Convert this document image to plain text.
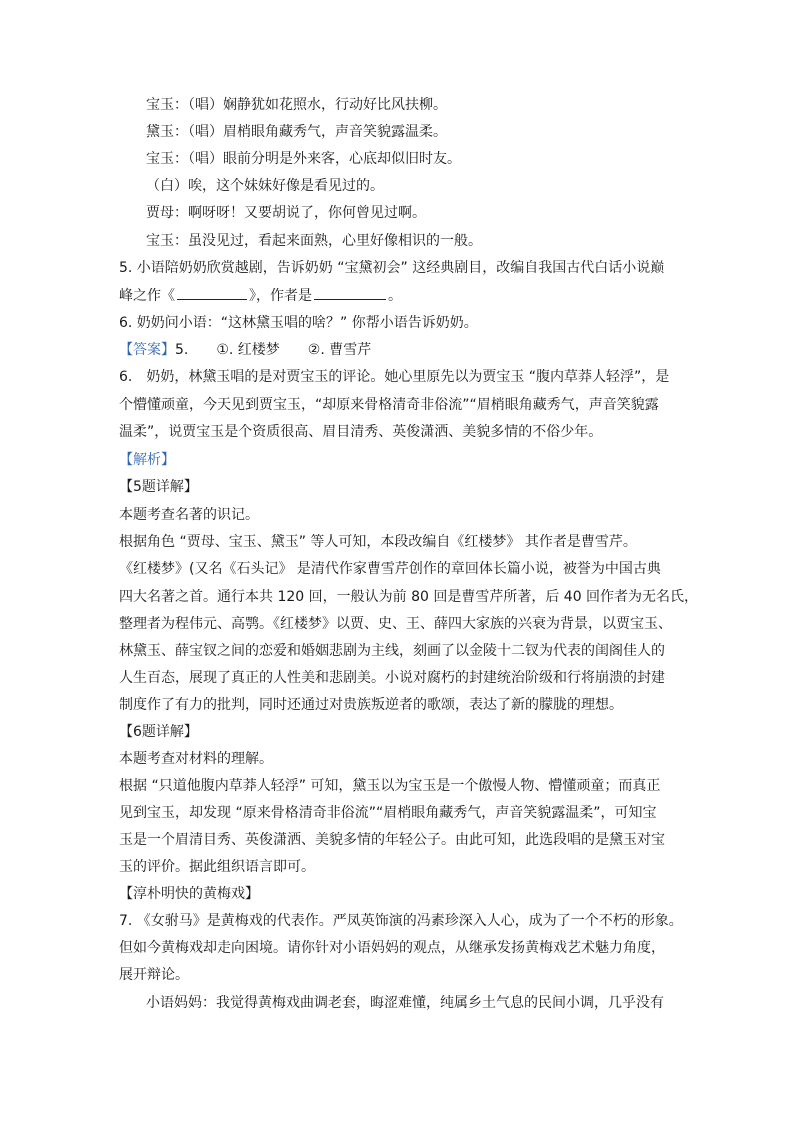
宝玉：（唱）娴静犹如花照水，行动好比风扶柳。
黛玉：（唱）眉梢眼角藏秀气，声音笑貌露温柔。
宝玉：（唱）眼前分明是外来客，心底却似旧时友。
（白）唉，这个妹妹好像是看见过的。
贾母：啊呀呀！又要胡说了，你何曾见过啊。
宝玉：虽没见过，看起来面熟，心里好像相识的一般。
5. 小语陪奶奶欣赏越剧，告诉奶奶 “宝黛初会” 这经典剧目，改编自我国古代白话小说巅
峰之作《	》，作者是	。
6. 奶奶问小语：“这林黛玉唱的啥？” 你帮小语告诉奶奶。
【答案】5.　　①. 红楼梦　　②. 曹雪芹
6.　奶奶，林黛玉唱的是对贾宝玉的评论。她心里原先以为贾宝玉 “腹内草莽人轻浮”，是
个懵懂顽童，今天见到贾宝玉，“却原来骨格清奇非俗流”“眉梢眼角藏秀气，声音笑貌露
温柔”，说贾宝玉是个资质很高、眉目清秀、英俊潇洒、美貌多情的不俗少年。
【解析】
【5题详解】
本题考查名著的识记。
根据角色 “贾母、宝玉、黛玉” 等人可知，本段改编自《红楼梦》 其作者是曹雪芹。
《红楼梦》(又名《石头记》 是清代作家曹雪芹创作的章回体长篇小说，被誉为中国古典
四大名著之首。通行本共 120 回，一般认为前 80 回是曹雪芹所著，后 40 回作者为无名氏，
整理者为程伟元、高鹗。《红楼梦》以贾、史、王、薛四大家族的兴衰为背景，以贾宝玉、
林黛玉、薛宝钗之间的恋爱和婚姻悲剧为主线，刻画了以金陵十二钗为代表的闺阁佳人的
人生百态，展现了真正的人性美和悲剧美。小说对腐朽的封建统治阶级和行将崩溃的封建
制度作了有力的批判，同时还通过对贵族叛逆者的歌颂，表达了新的朦胧的理想。
【6题详解】
本题考查对材料的理解。
根据 “只道他腹内草莽人轻浮” 可知，黛玉以为宝玉是一个傲慢人物、懵懂顽童；而真正
见到宝玉，却发现 “原来骨格清奇非俗流”“眉梢眼角藏秀气，声音笑貌露温柔”，可知宝
玉是一个眉清目秀、英俊潇洒、美貌多情的年轻公子。由此可知，此选段唱的是黛玉对宝
玉的评价。据此组织语言即可。
【淳朴明快的黄梅戏】
7. 《女驸马》是黄梅戏的代表作。严凤英饰演的冯素珍深入人心，成为了一个不朽的形象。
但如今黄梅戏却走向困境。请你针对小语妈妈的观点，从继承发扬黄梅戏艺术魅力角度，
展开辩论。
小语妈妈：我觉得黄梅戏曲调老套，晦涩难懂，纯属乡土气息的民间小调，几乎没有
